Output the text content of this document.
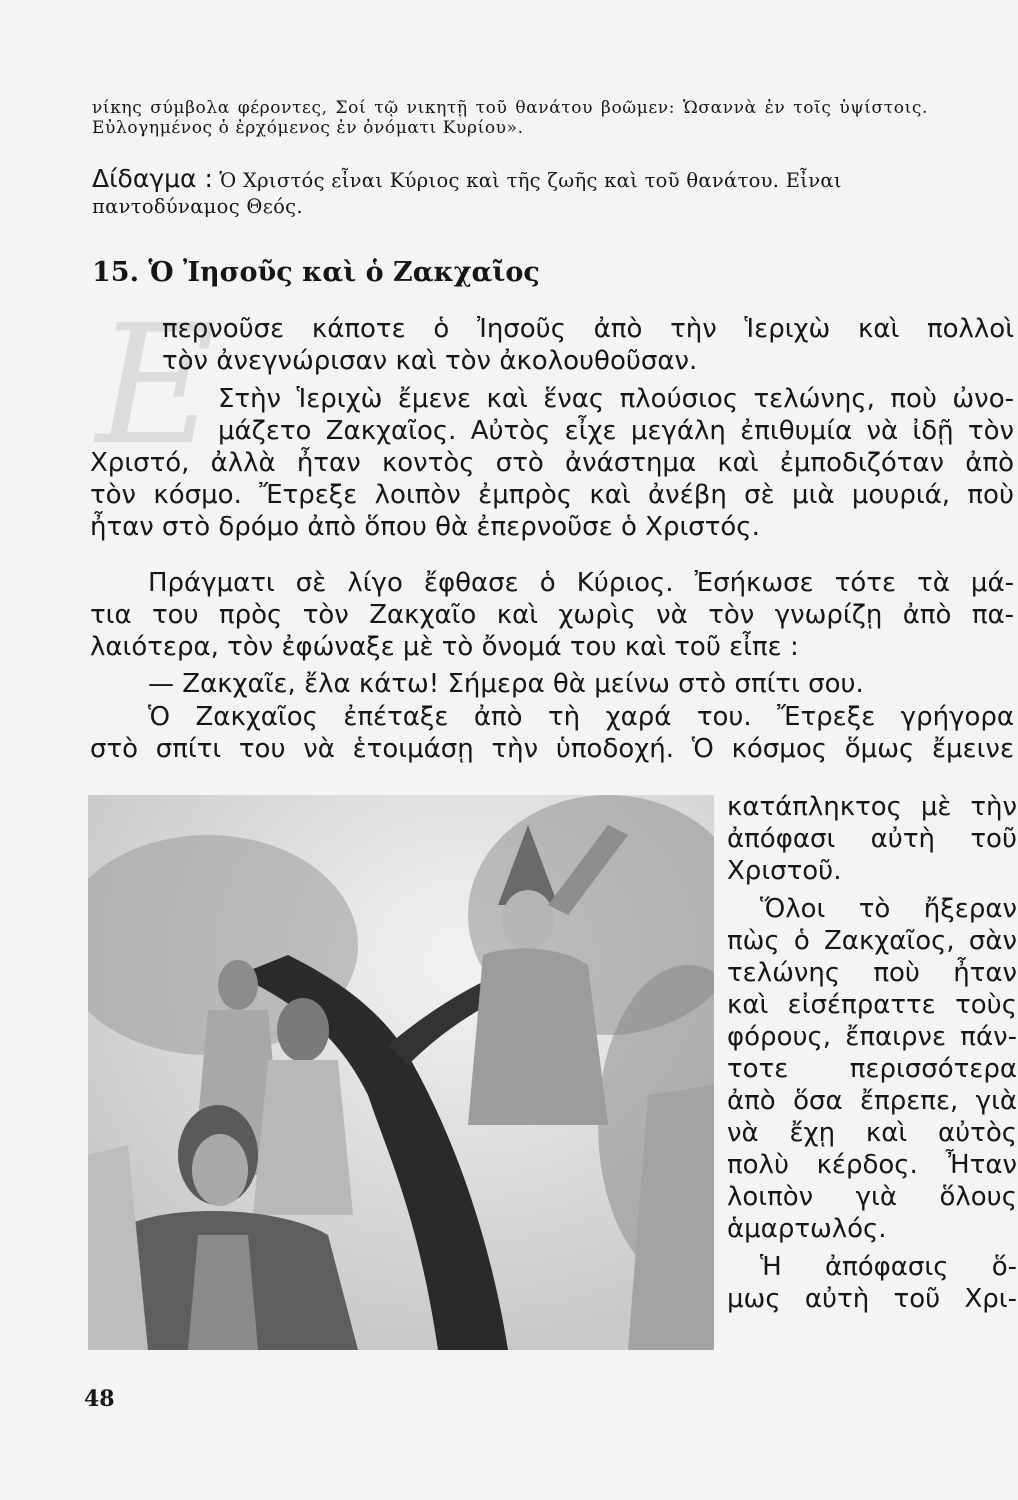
νίκης σύμβολα φέροντες, Σοί τῷ νικητῇ τοῦ θανάτου βοῶμεν: Ὡσαννὰ ἐν τοῖς ὑψίστοις. Εὐλογημένος ὁ ἐρχόμενος ἐν ὀνόματι Κυρίου».
Δίδαγμα : Ὁ Χριστός εἶναι Κύριος καὶ τῆς ζωῆς καὶ τοῦ θανάτου. Εἶναι παντοδύναμος Θεός.
15. Ὁ Ἰησοῦς καὶ ὁ Ζακχαῖος
Ε
περνοῦσε κάποτε ὁ Ἰησοῦς ἀπὸ τὴν Ἱεριχὼ καὶ πολλοὶ
τὸν ἀνεγνώρισαν καὶ τὸν ἀκολουθοῦσαν.
Στὴν Ἱεριχὼ ἔμενε καὶ ἕνας πλούσιος τελώνης, ποὺ ὠνο-
μάζετο Ζακχαῖος. Αὐτὸς εἶχε μεγάλη ἐπιθυμία νὰ ἰδῇ τὸν
Χριστό, ἀλλὰ ἦταν κοντὸς στὸ ἀνάστημα καὶ ἐμποδιζόταν ἀπὸ
τὸν κόσμο. Ἔτρεξε λοιπὸν ἐμπρὸς καὶ ἀνέβη σὲ μιὰ μουριά, ποὺ
ἦταν στὸ δρόμο ἀπὸ ὅπου θὰ ἐπερνοῦσε ὁ Χριστός.
Πράγματι σὲ λίγο ἔφθασε ὁ Κύριος. Ἐσήκωσε τότε τὰ μά-
τια του πρὸς τὸν Ζακχαῖο καὶ χωρὶς νὰ τὸν γνωρίζῃ ἀπὸ πα-
λαιότερα, τὸν ἐφώναξε μὲ τὸ ὄνομά του καὶ τοῦ εἶπε :
— Ζακχαῖε, ἔλα κάτω! Σήμερα θὰ μείνω στὸ σπίτι σου.
Ὁ Ζακχαῖος ἐπέταξε ἀπὸ τὴ χαρά του. Ἔτρεξε γρήγορα
στὸ σπίτι του νὰ ἑτοιμάσῃ τὴν ὑποδοχή. Ὁ κόσμος ὅμως ἔμεινε
κατάπληκτος μὲ τὴν
ἀπόφασι αὐτὴ τοῦ
Χριστοῦ.
Ὅλοι τὸ ἤξεραν
πὼς ὁ Ζακχαῖος, σὰν
τελώνης ποὺ ἦταν
καὶ εἰσέπραττε τοὺς
φόρους, ἔπαιρνε πάν-
τοτε περισσότερα
ἀπὸ ὅσα ἔπρεπε, γιὰ
νὰ ἔχῃ καὶ αὐτὸς
πολὺ κέρδος. Ἦταν
λοιπὸν γιὰ ὅλους
ἁμαρτωλός.
Ἡ ἀπόφασις ὅ-
μως αὐτὴ τοῦ Χρι-
48
